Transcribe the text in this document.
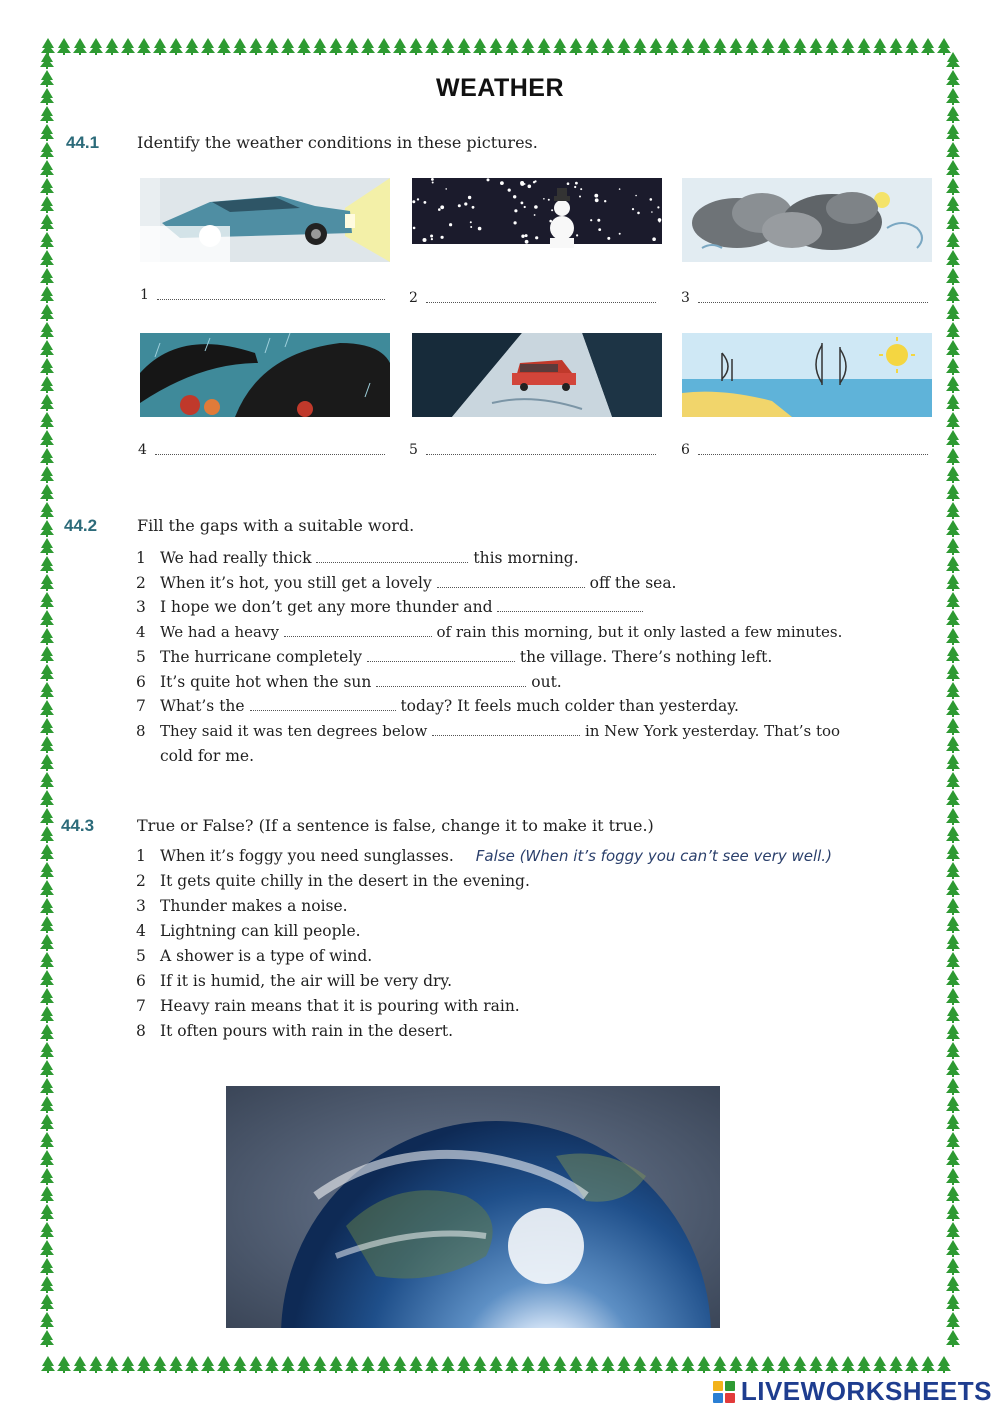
WEATHER
44.1 Identify the weather conditions in these pictures.
1	2	3
4	5	6
44.2 Fill the gaps with a suitable word.
1 We had really thick	this morning.
2 When it’s hot, you still get a lovely	off the sea.
3 I hope we don’t get any more thunder and
4 We had a heavy	of rain this morning, but it only lasted a few minutes.
5 The hurricane completely	the village. There’s nothing left.
6 It’s quite hot when the sun	out.
7 What’s the	today? It feels much colder than yesterday.
8 They said it was ten degrees below	in New York yesterday. That’s too
cold for me.
44.3	True or False? (If a sentence is false, change it to make it true.)
1 When it’s foggy you need sunglasses. False (When it’s foggy you can’t see very well.)
2 It gets quite chilly in the desert in the evening.
3 Thunder makes a noise.
4 Lightning can kill people.
5 A shower is a type of wind.
6 If it is humid, the air will be very dry.
7 Heavy rain means that it is pouring with rain.
8 It often pours with rain in the desert.
LIVEWORKSHEETS
